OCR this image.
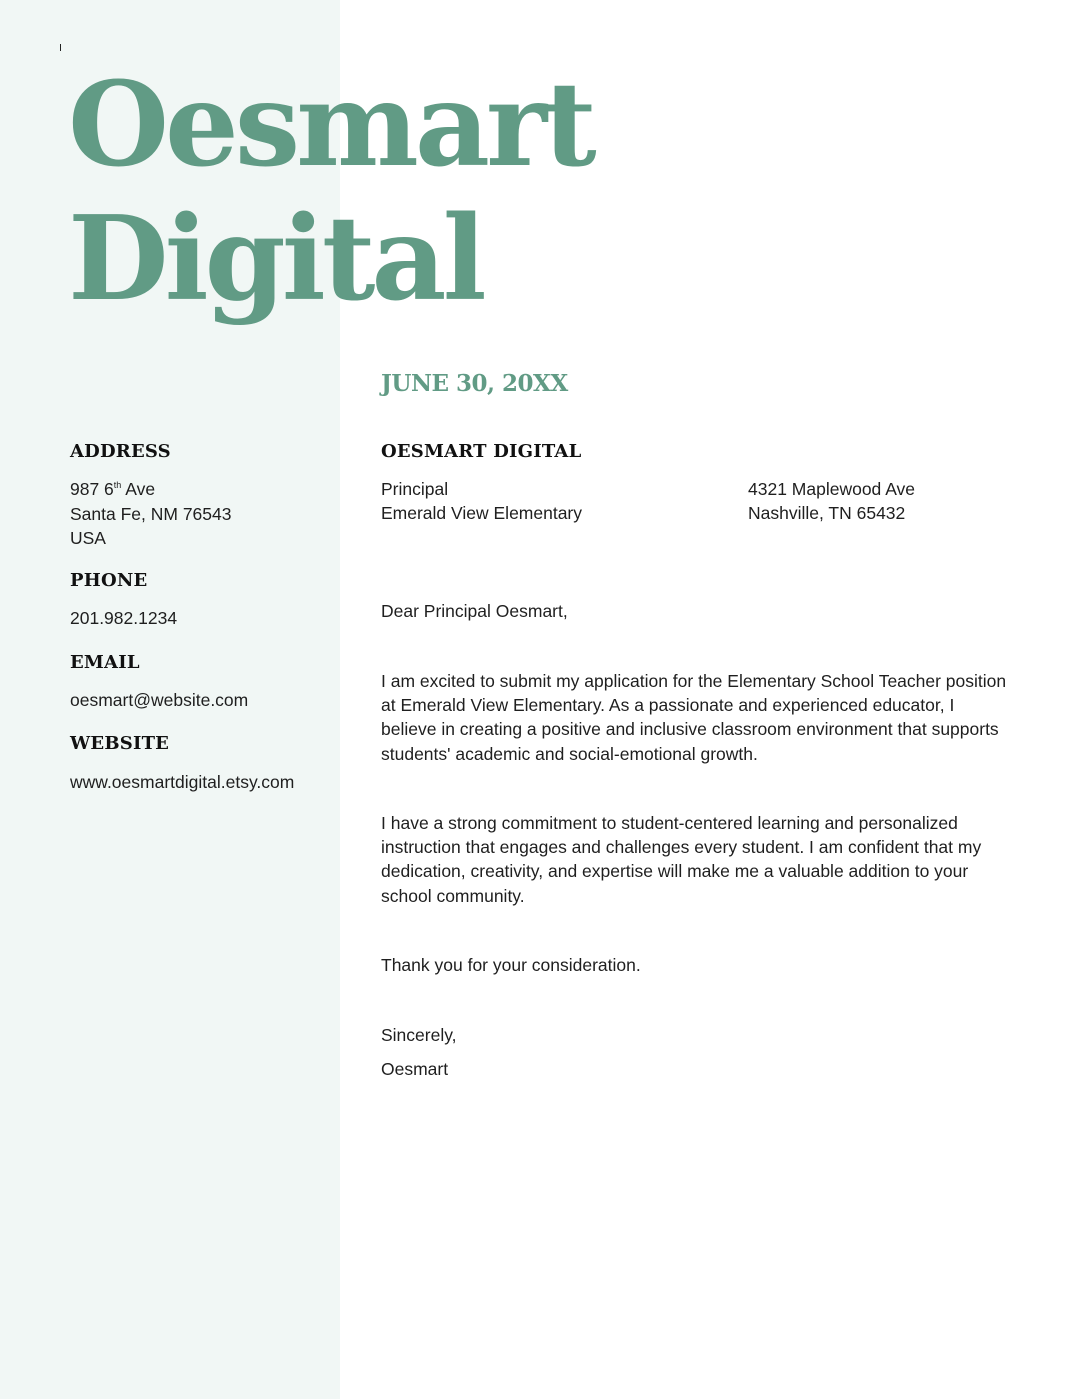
Oesmart
Digital
JUNE 30, 20XX
ADDRESS
987 6th Ave
Santa Fe, NM 76543
USA
PHONE
201.982.1234
EMAIL
oesmart@website.com
WEBSITE
www.oesmartdigital.etsy.com
OESMART DIGITAL
Principal
Emerald View Elementary
4321 Maplewood Ave
Nashville, TN 65432
Dear Principal Oesmart,
I am excited to submit my application for the Elementary School Teacher position at Emerald View Elementary. As a passionate and experienced educator, I believe in creating a positive and inclusive classroom environment that supports students' academic and social-emotional growth.
I have a strong commitment to student-centered learning and personalized instruction that engages and challenges every student. I am confident that my dedication, creativity, and expertise will make me a valuable addition to your school community.
Thank you for your consideration.
Sincerely,
Oesmart
